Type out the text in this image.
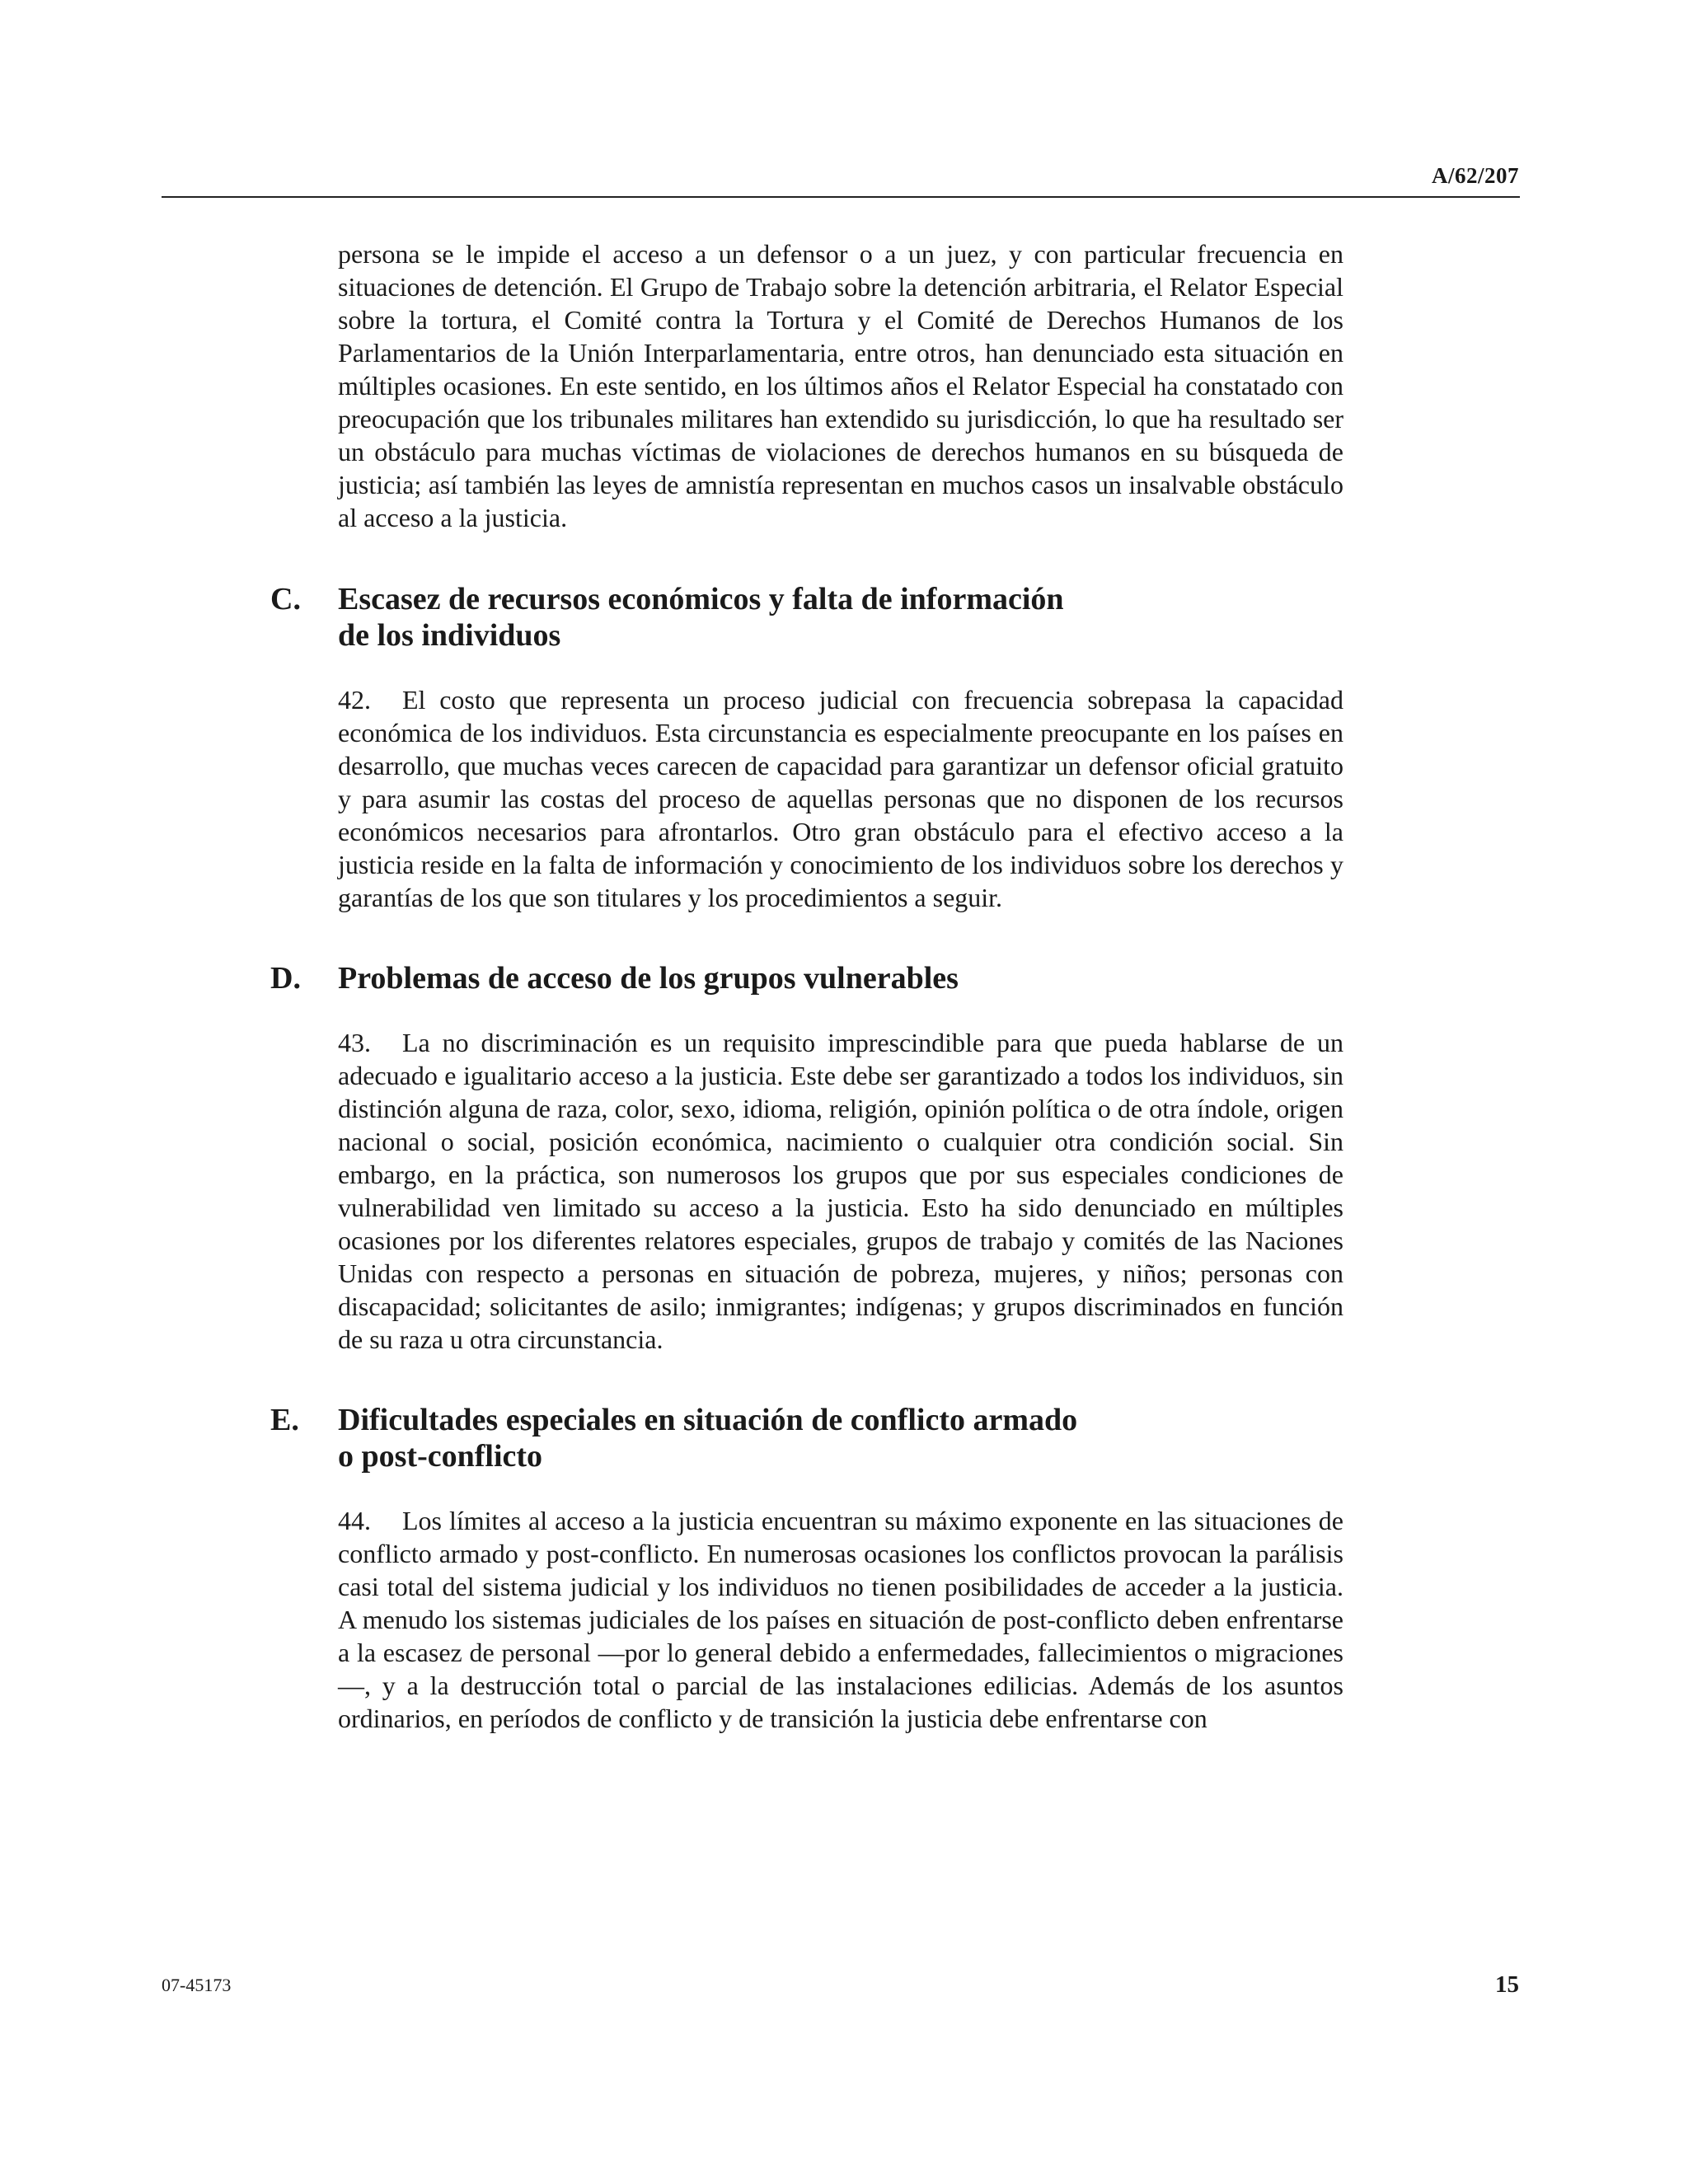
A/62/207

persona se le impide el acceso a un defensor o a un juez, y con particular frecuencia en situaciones de detención. El Grupo de Trabajo sobre la detención arbitraria, el Relator Especial sobre la tortura, el Comité contra la Tortura y el Comité de Derechos Humanos de los Parlamentarios de la Unión Interparlamentaria, entre otros, han denunciado esta situación en múltiples ocasiones. En este sentido, en los últimos años el Relator Especial ha constatado con preocupación que los tribunales militares han extendido su jurisdicción, lo que ha resultado ser un obstáculo para muchas víctimas de violaciones de derechos humanos en su búsqueda de justicia; así también las leyes de amnistía representan en muchos casos un insalvable obstáculo al acceso a la justicia.

C. Escasez de recursos económicos y falta de información
de los individuos

42. El costo que representa un proceso judicial con frecuencia sobrepasa la capacidad económica de los individuos. Esta circunstancia es especialmente preocupante en los países en desarrollo, que muchas veces carecen de capacidad para garantizar un defensor oficial gratuito y para asumir las costas del proceso de aquellas personas que no disponen de los recursos económicos necesarios para afrontarlos. Otro gran obstáculo para el efectivo acceso a la justicia reside en la falta de información y conocimiento de los individuos sobre los derechos y garantías de los que son titulares y los procedimientos a seguir.

D. Problemas de acceso de los grupos vulnerables

43. La no discriminación es un requisito imprescindible para que pueda hablarse de un adecuado e igualitario acceso a la justicia. Este debe ser garantizado a todos los individuos, sin distinción alguna de raza, color, sexo, idioma, religión, opinión política o de otra índole, origen nacional o social, posición económica, nacimiento o cualquier otra condición social. Sin embargo, en la práctica, son numerosos los grupos que por sus especiales condiciones de vulnerabilidad ven limitado su acceso a la justicia. Esto ha sido denunciado en múltiples ocasiones por los diferentes relatores especiales, grupos de trabajo y comités de las Naciones Unidas con respecto a personas en situación de pobreza, mujeres, y niños; personas con discapacidad; solicitantes de asilo; inmigrantes; indígenas; y grupos discriminados en función de su raza u otra circunstancia.

E. Dificultades especiales en situación de conflicto armado
o post-conflicto

44. Los límites al acceso a la justicia encuentran su máximo exponente en las situaciones de conflicto armado y post-conflicto. En numerosas ocasiones los conflictos provocan la parálisis casi total del sistema judicial y los individuos no tienen posibilidades de acceder a la justicia. A menudo los sistemas judiciales de los países en situación de post-conflicto deben enfrentarse a la escasez de personal —por lo general debido a enfermedades, fallecimientos o migraciones—, y a la destrucción total o parcial de las instalaciones edilicias. Además de los asuntos ordinarios, en períodos de conflicto y de transición la justicia debe enfrentarse con

07-45173	15
